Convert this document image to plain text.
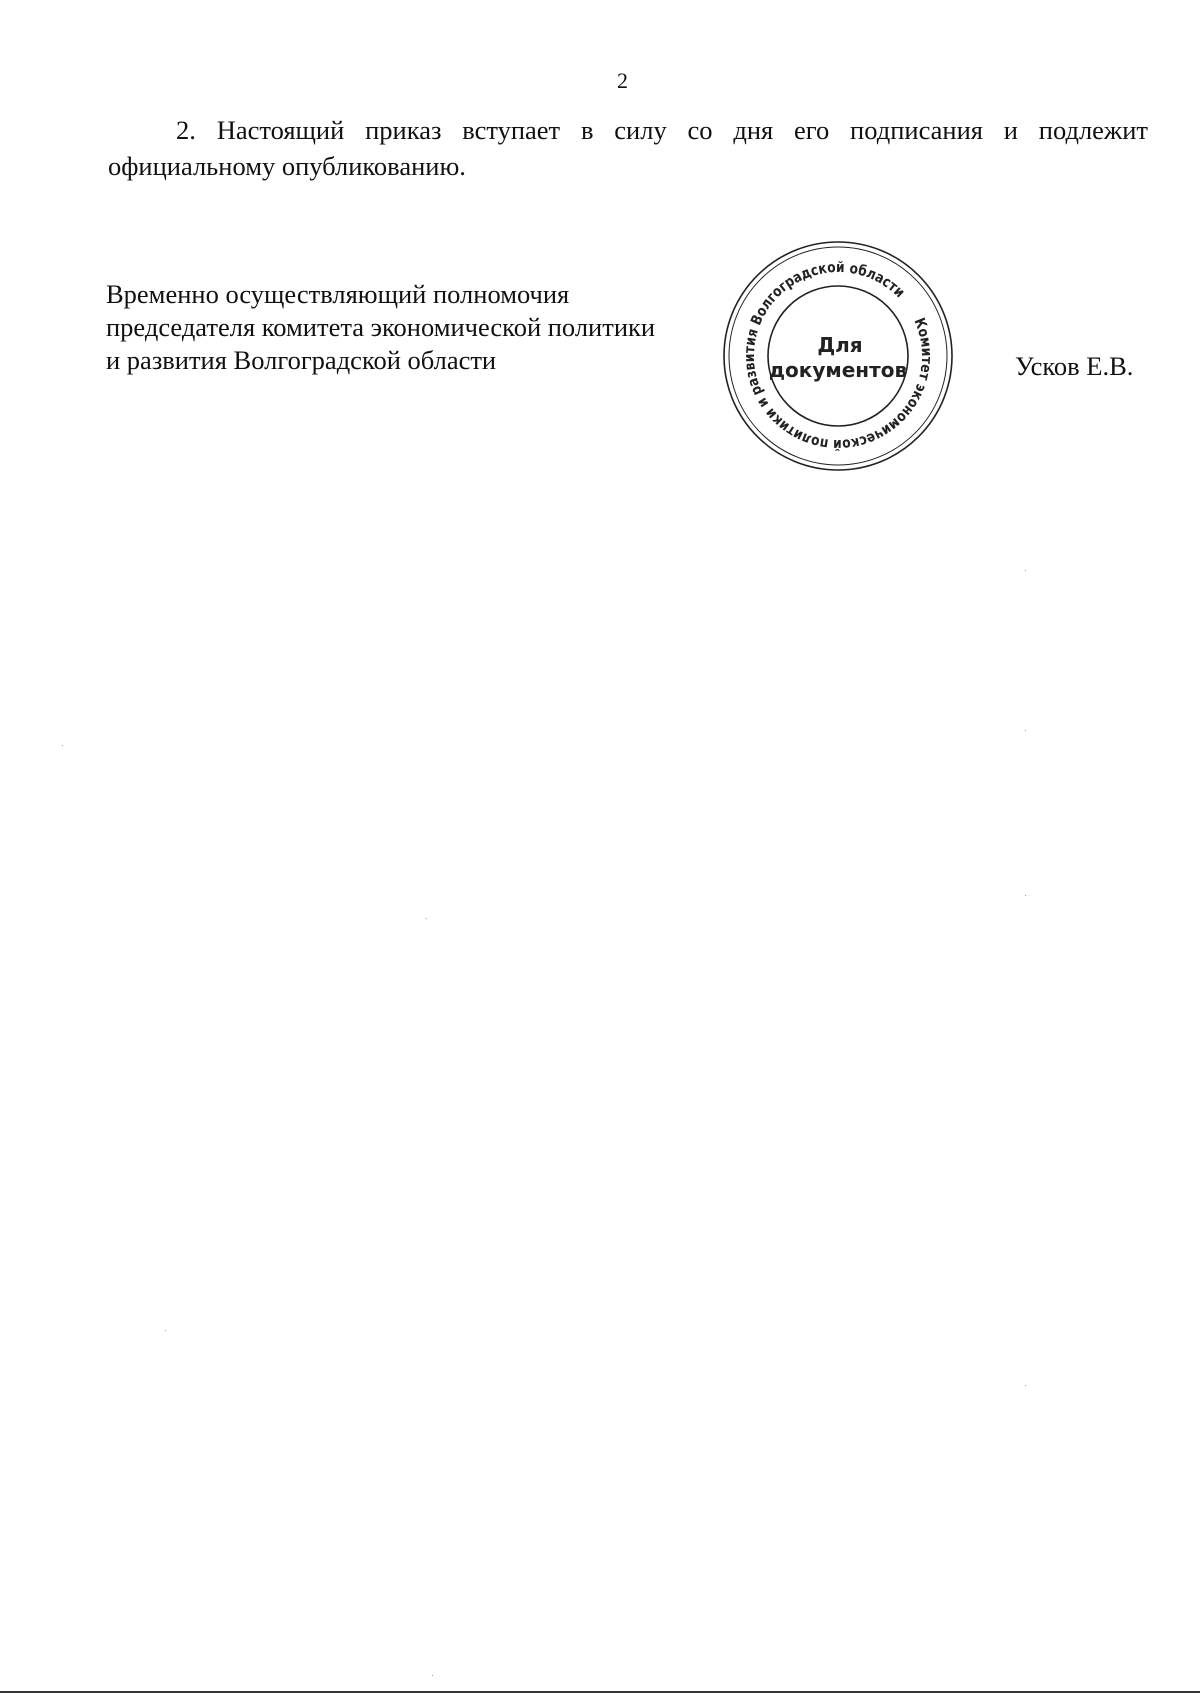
2
2. Настоящий приказ вступает в силу со дня его подписания и подлежит официальному опубликованию.
Временно осуществляющий полномочия
председателя комитета экономической политики
и развития Волгоградской области
Комитет экономической политики и развития Волгоградской области
Для
документов	Усков Е.В.
